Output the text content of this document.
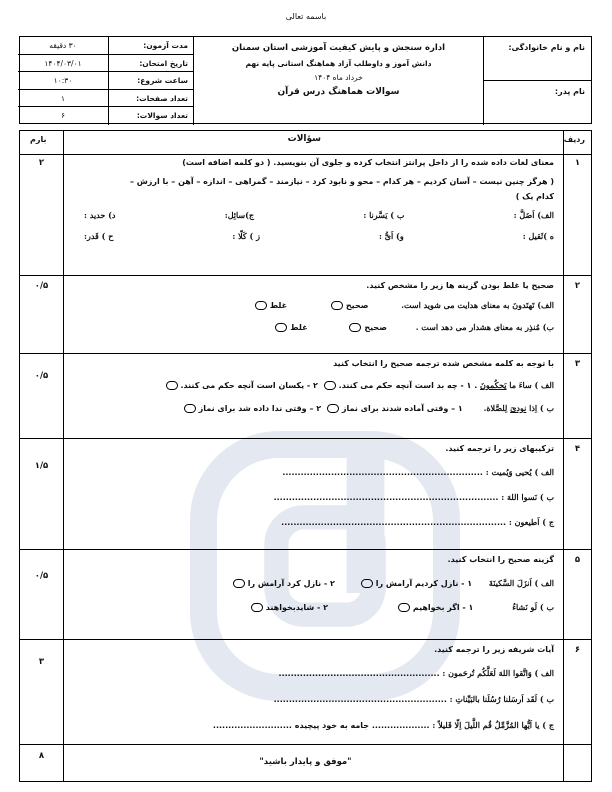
باسمه تعالی
نام و نام خانوادگی:
نام پدر:
اداره سنجش و پایش کیفیت آموزشی استان سمنان
دانش آموز و داوطلب آزاد هماهنگ استانی پایه نهم
خرداد ماه ۱۴۰۴
سوالات هماهنگ درس قرآن
مدت آزمون:
تاریخ امتحان:
ساعت شروع:
تعداد صفحات:
تعداد سوالات:
۳۰ دقیقه
۱۴۰۴/۰۳/۰۱
۱۰:۳۰
۱
۶
ردیف
سؤالات
بارم
۱
۲	معنای لغات داده شده را از داخل پرانتز انتخاب کرده و جلوی آن بنویسید. ( دو کلمه اضافه است)
( هرگز چنین نیست – آسان کردیم – هر کدام – محو و نابود کرد – نیازمند – گمراهی – اندازه – آهن – با ارزش –
کدام یک )
الف) اَضَلَّ :
ب ) یَسَّرنا :
ج)سائِل:
د) حدید :
ه )ثَقیل :
و) اَیُّ :
ز ) کَلّا :
ح ) قَدر:
۲
۰/۵	صحیح یا غلط بودن گزینه ها زیر را مشخص کنید.
الف) تَهتَدونَ به معنای هدایت می شوید است. صحیح غلط
ب) مُنذِر به معنای هشدار می دهد است . صحیح غلط
۳
۰/۵
با توجه به کلمه مشخص شده ترجمه صحیح را انتخاب کنید
الف ) ساءَ ما یَحکُمونَ . ۱ - چه بد است آنچه حکم می کنند. ۲ - یکسان است آنچه حکم می کنند.
ب ) اِذا نودیَ لِلصَّلاة. ۱ – وقتی آماده شدند برای نماز ۲ – وقتی ندا داده شد برای نماز
۴
۱/۵
ترکیبهای زیر را ترجمه کنید.
الف ) یُحیی وَیُمیت : ..................................................................
ب ) نَسوا اللهَ : ..........................................................................
ج ) اَطیعون : ..........................................................................
۵
۰/۵
گزینه صحیح را انتخاب کنید.
الف ) اَنزَلَ السَّکینَةَ ۱ - نازل کردیم آرامش را ۲ - نازل کرد آرامش را
ب ) لَو نَشاءُ ۱ - اگر بخواهیم ۲ - شایدبخواهند
۶
۳
آیات شریفه زیر را ترجمه کنید.
الف ) وَاتَّقوا اللهَ لَعَلَّکُم تُرحَمون : .....................................................
ب ) لَقَد اَرسَلنا رُسُلَنا بالبَیِّناتِ : .........................................................
ج ) یا اَیُّها المُزَّمِّلُ قُم اللَّیلَ اِلّا قَلیلاً : ................... جامه به خود پیچیده ..........................
۸
"موفق و پایدار باشید"
